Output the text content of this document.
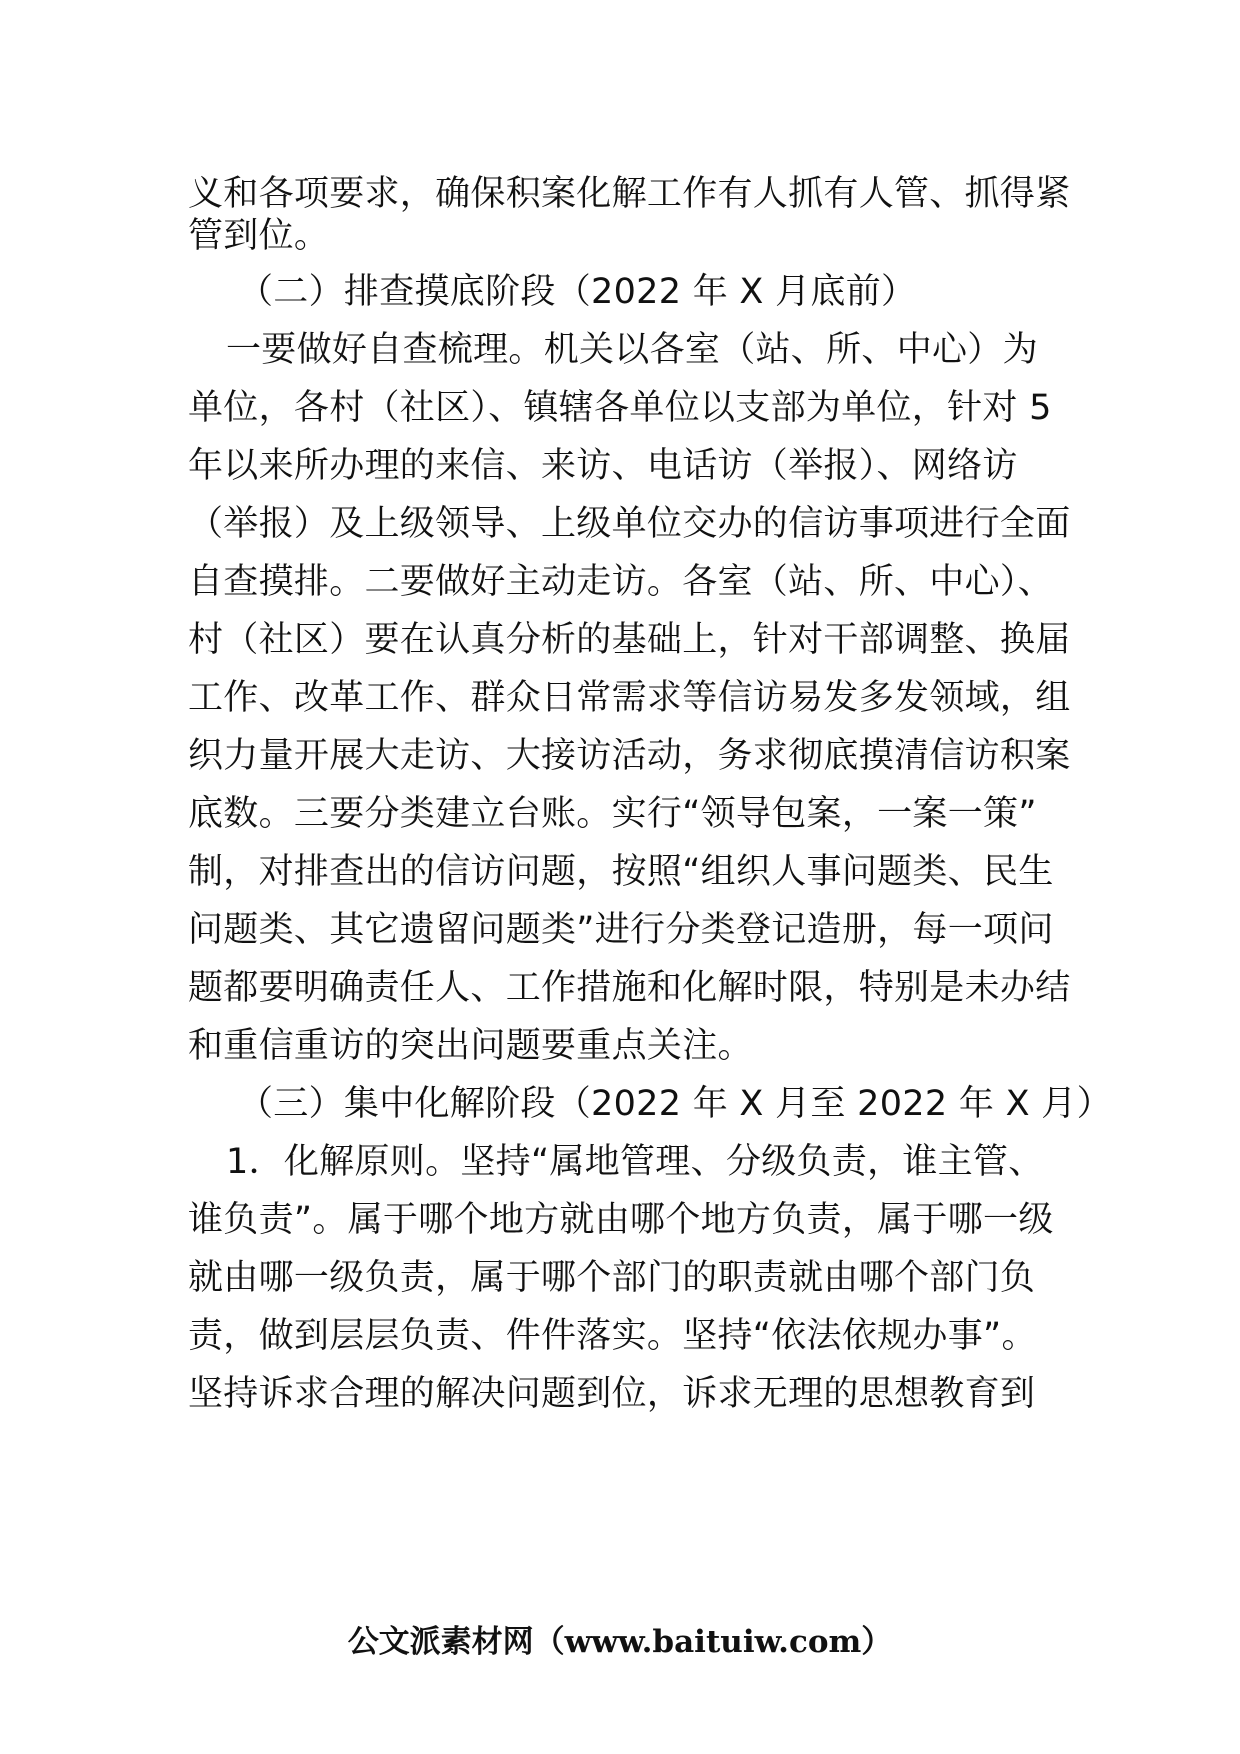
义和各项要求，确保积案化解工作有人抓有人管、抓得紧
管到位。
（二）排查摸底阶段（2022 年 X 月底前）
一要做好自查梳理。机关以各室（站、所、中心）为
单位，各村（社区）、镇辖各单位以支部为单位，针对 5
年以来所办理的来信、来访、电话访（举报）、网络访
（举报）及上级领导、上级单位交办的信访事项进行全面
自查摸排。二要做好主动走访。各室（站、所、中心）、
村（社区）要在认真分析的基础上，针对干部调整、换届
工作、改革工作、群众日常需求等信访易发多发领域，组
织力量开展大走访、大接访活动，务求彻底摸清信访积案
底数。三要分类建立台账。实行“领导包案，一案一策”
制，对排查出的信访问题，按照“组织人事问题类、民生
问题类、其它遗留问题类”进行分类登记造册，每一项问
题都要明确责任人、工作措施和化解时限，特别是未办结
和重信重访的突出问题要重点关注。
（三）集中化解阶段（2022 年 X 月至 2022 年 X 月）
1．化解原则。坚持“属地管理、分级负责，谁主管、
谁负责”。属于哪个地方就由哪个地方负责，属于哪一级
就由哪一级负责，属于哪个部门的职责就由哪个部门负
责，做到层层负责、件件落实。坚持“依法依规办事”。
坚持诉求合理的解决问题到位，诉求无理的思想教育到
公文派素材网（www.baituiw.com）
